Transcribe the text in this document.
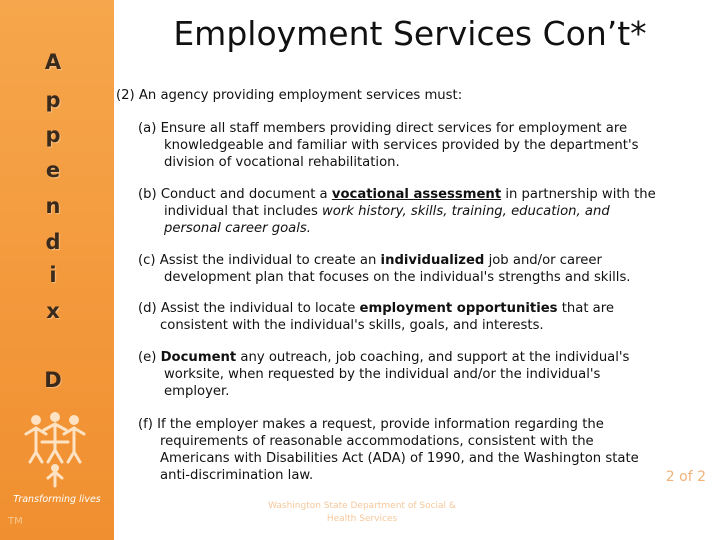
A
p
p
e
n
d
i
x
D
Transforming lives
TM
Employment Services Con’t*
(2) An agency providing employment services must:
(a) Ensure all staff members providing direct services for employment are
knowledgeable and familiar with services provided by the department's
division of vocational rehabilitation.
(b) Conduct and document a vocational assessment in partnership with the
individual that includes work history, skills, training, education, and
personal career goals.
(c) Assist the individual to create an individualized job and/or career
development plan that focuses on the individual's strengths and skills.
(d) Assist the individual to locate employment opportunities that are
consistent with the individual's skills, goals, and interests.
(e) Document any outreach, job coaching, and support at the individual's
worksite, when requested by the individual and/or the individual's
employer.
(f) If the employer makes a request, provide information regarding the
requirements of reasonable accommodations, consistent with the
Americans with Disabilities Act (ADA) of 1990, and the Washington state
anti-discrimination law.	2 of 2
Washington State Department of Social &
Health Services
